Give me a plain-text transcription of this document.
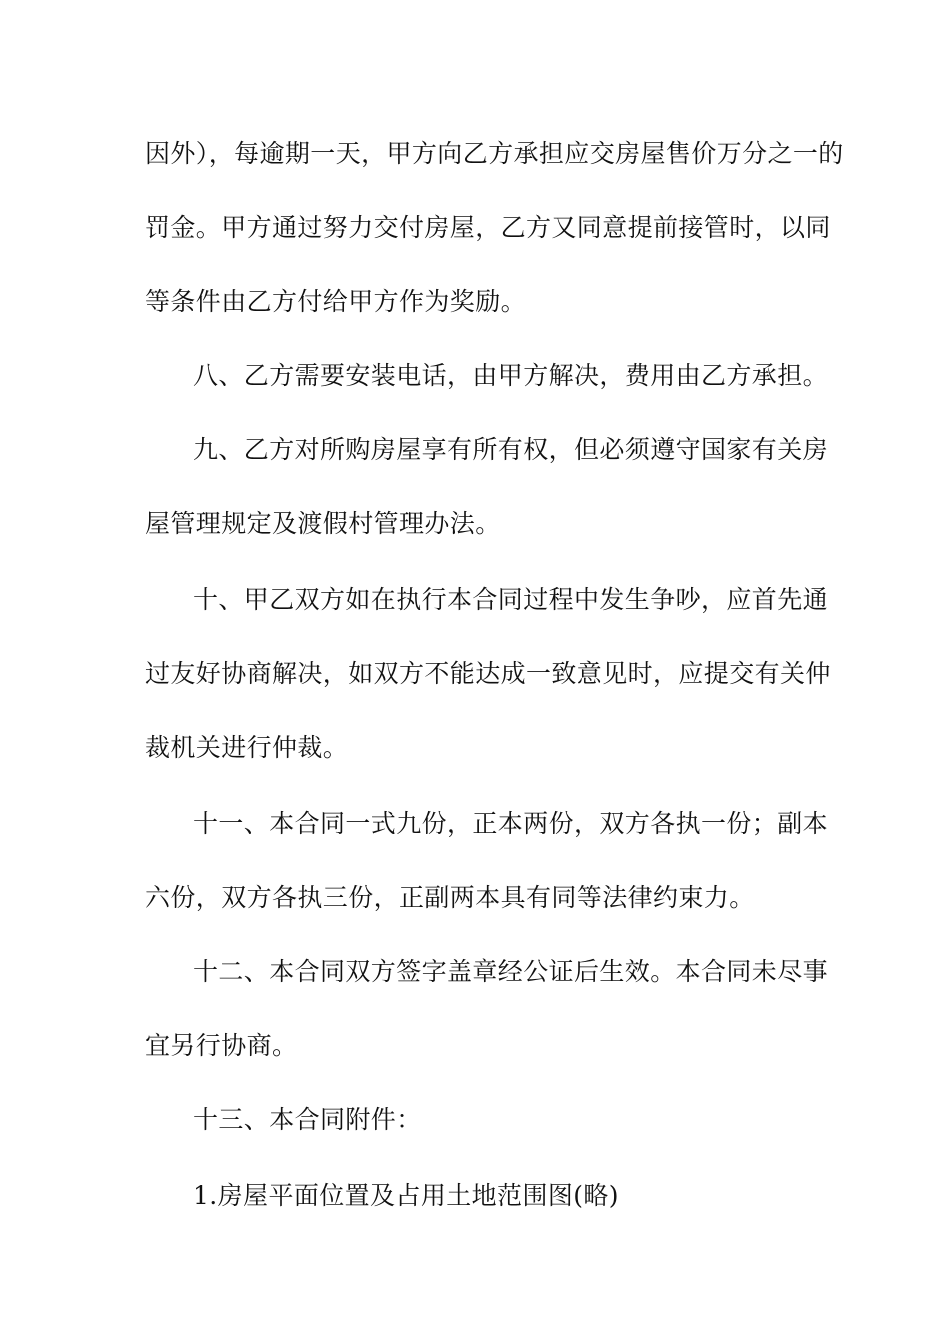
因外），每逾期一天，甲方向乙方承担应交房屋售价万分之一的
罚金。甲方通过努力交付房屋，乙方又同意提前接管时，以同
等条件由乙方付给甲方作为奖励。
八、乙方需要安装电话，由甲方解决，费用由乙方承担。
九、乙方对所购房屋享有所有权，但必须遵守国家有关房
屋管理规定及渡假村管理办法。
十、甲乙双方如在执行本合同过程中发生争吵，应首先通
过友好协商解决，如双方不能达成一致意见时，应提交有关仲
裁机关进行仲裁。
十一、本合同一式九份，正本两份，双方各执一份；副本
六份，双方各执三份，正副两本具有同等法律约束力。
十二、本合同双方签字盖章经公证后生效。本合同未尽事
宜另行协商。
十三、本合同附件：
1.房屋平面位置及占用土地范围图(略)
